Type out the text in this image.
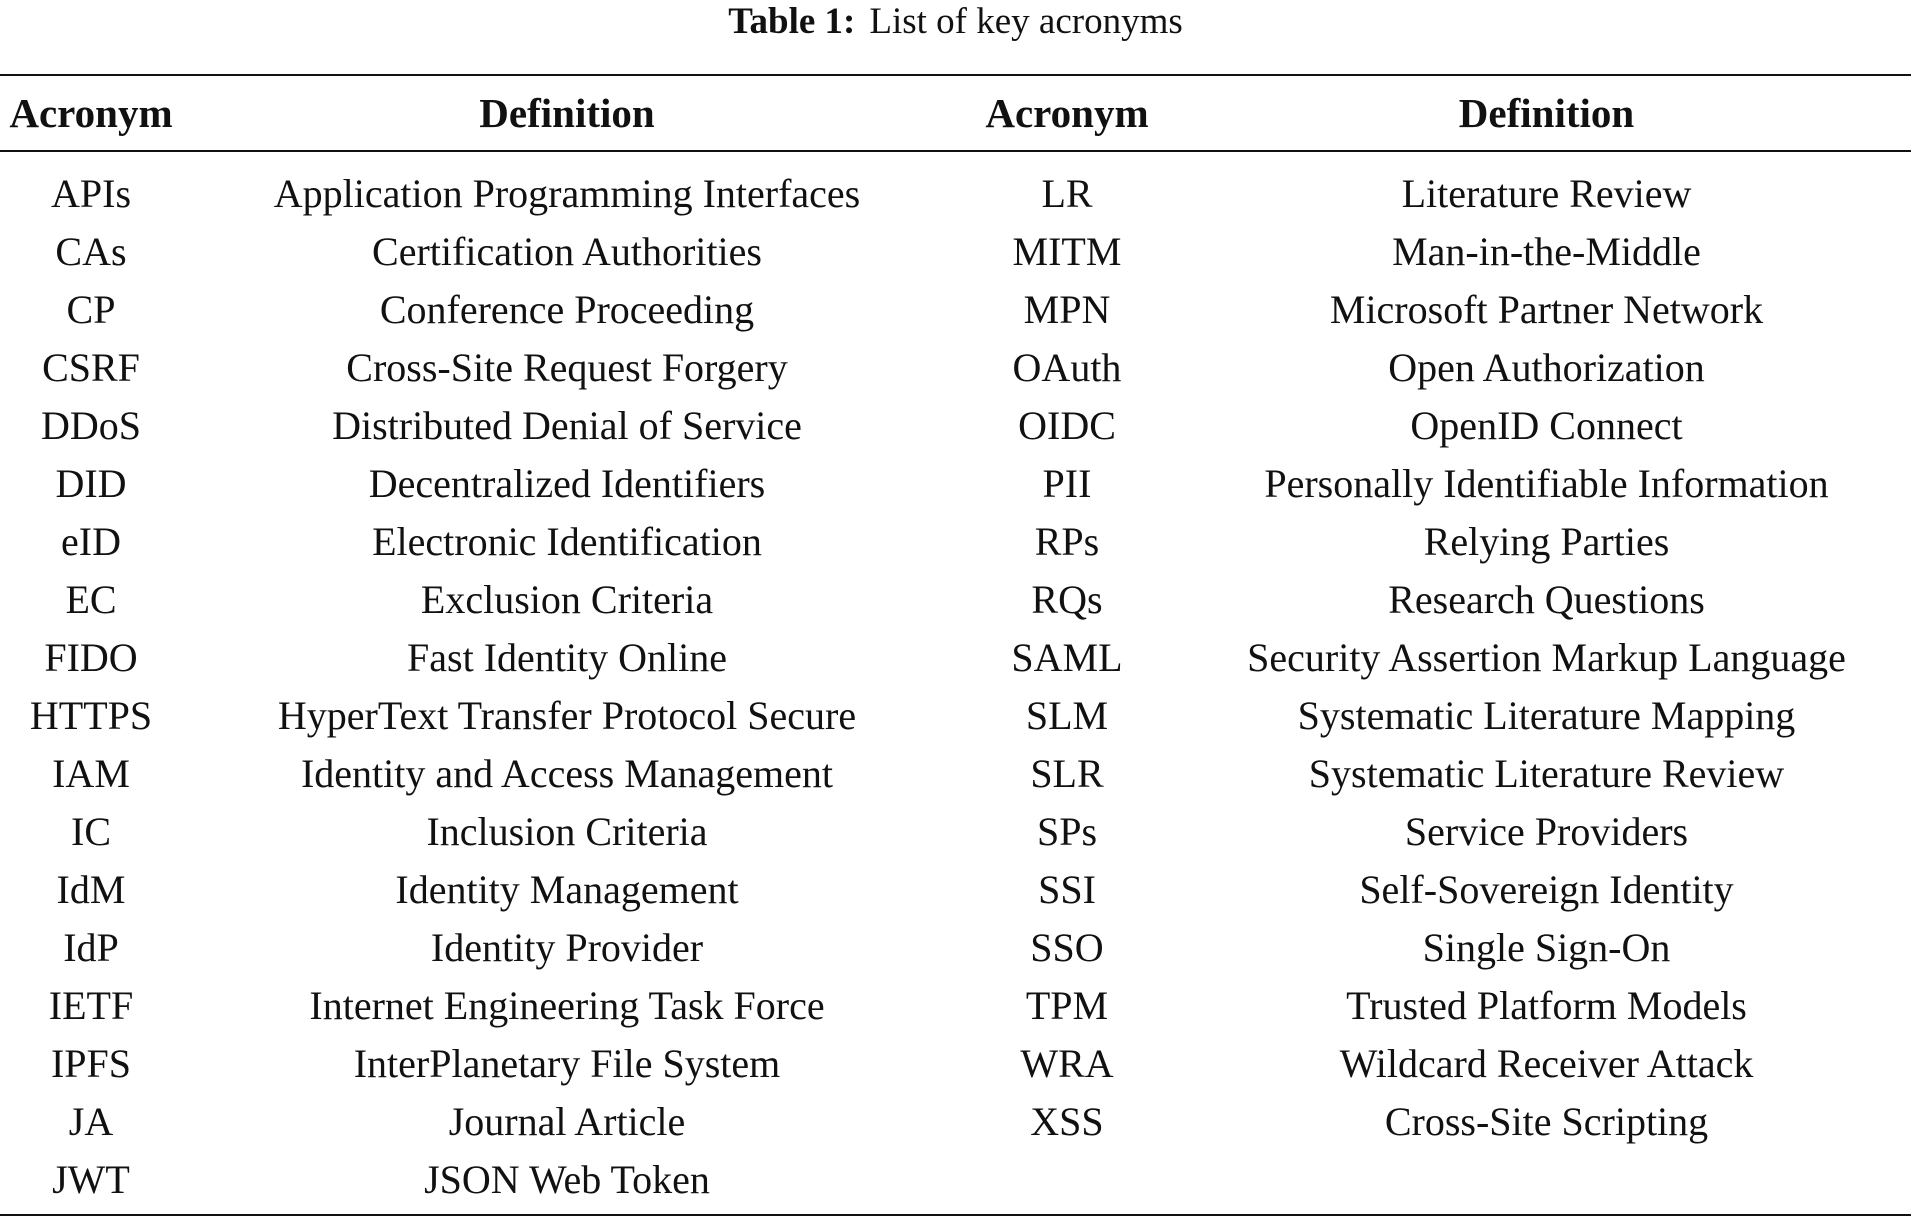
Table 1: List of key acronyms
Acronym	Definition	Acronym	Definition
APIs	Application Programming Interfaces	LR	Literature Review
CAs	Certification Authorities	MITM	Man-in-the-Middle
CP	Conference Proceeding	MPN	Microsoft Partner Network
CSRF	Cross-Site Request Forgery	OAuth	Open Authorization
DDoS	Distributed Denial of Service	OIDC	OpenID Connect
DID	Decentralized Identifiers	PII	Personally Identifiable Information
eID	Electronic Identification	RPs	Relying Parties
EC	Exclusion Criteria	RQs	Research Questions
FIDO	Fast Identity Online	SAML	Security Assertion Markup Language
HTTPS	HyperText Transfer Protocol Secure	SLM	Systematic Literature Mapping
IAM	Identity and Access Management	SLR	Systematic Literature Review
IC	Inclusion Criteria	SPs	Service Providers
IdM	Identity Management	SSI	Self-Sovereign Identity
IdP	Identity Provider	SSO	Single Sign-On
IETF	Internet Engineering Task Force	TPM	Trusted Platform Models
IPFS	InterPlanetary File System	WRA	Wildcard Receiver Attack
JA	Journal Article	XSS	Cross-Site Scripting
JWT	JSON Web Token		
